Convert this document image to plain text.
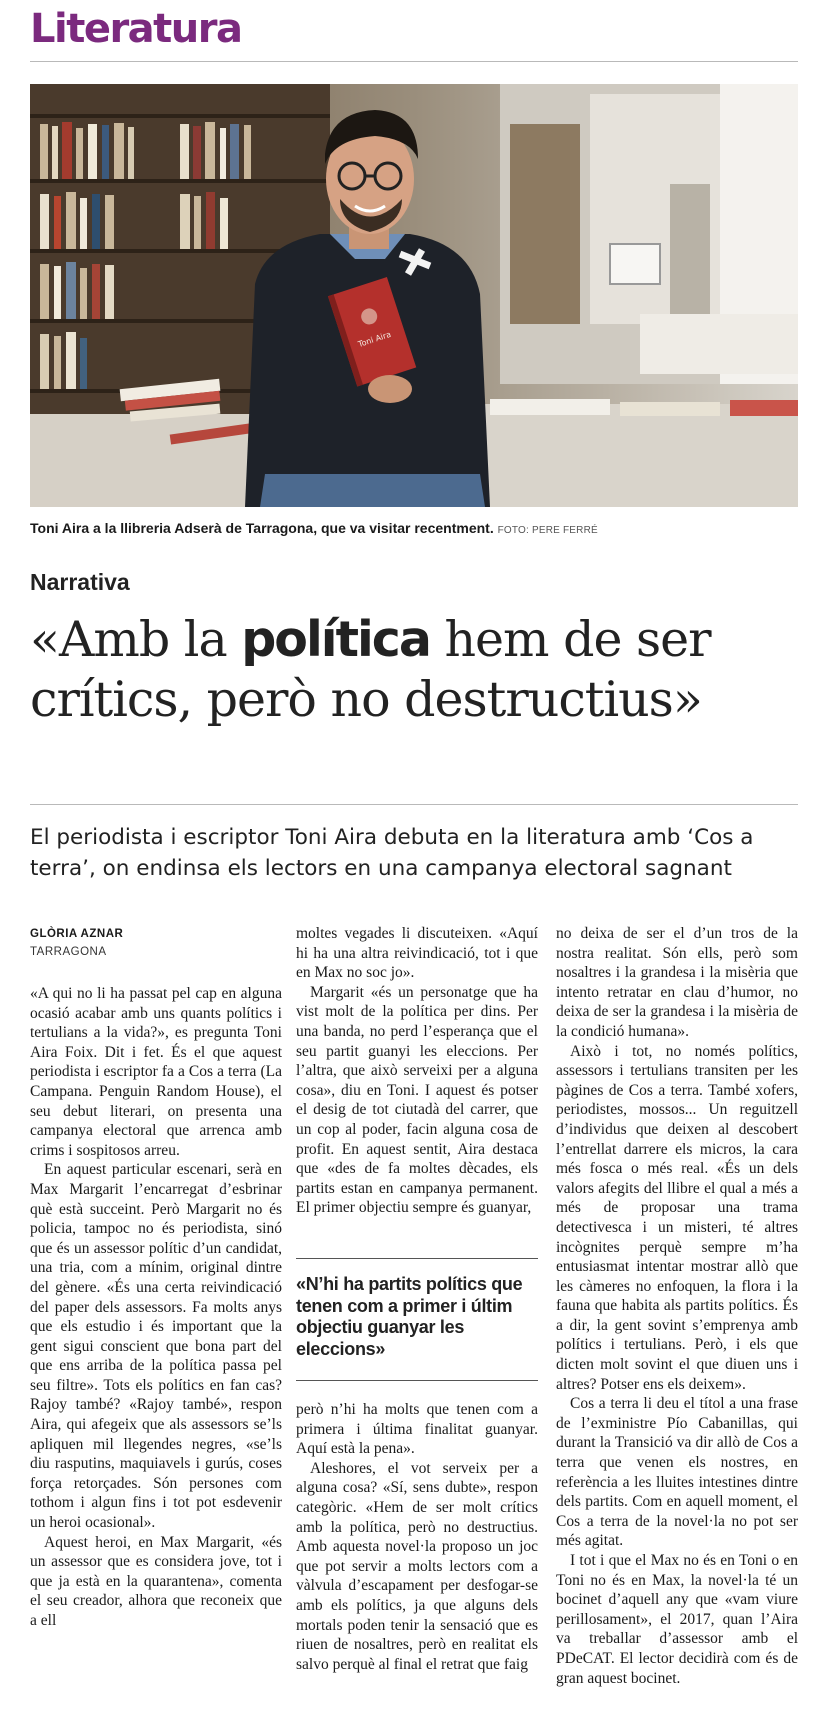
Literatura
Toni Aira
Toni Aira a la llibreria Adserà de Tarragona, que va visitar recentment. FOTO: PERE FERRÉ
Narrativa
«Amb la política hem de ser crítics, però no destructius»
El periodista i escriptor Toni Aira debuta en la literatura amb ‘Cos a terra’, on endinsa els lectors en una campanya electoral sagnant
GLÒRIA AZNAR
TARRAGONA

«A qui no li ha passat pel cap en alguna ocasió acabar amb uns quants polítics i tertulians a la vida?», es pregunta Toni Aira Foix. Dit i fet. És el que aquest periodista i escriptor fa a Cos a terra (La Campana. Penguin Random House), el seu debut literari, on presenta una campanya electoral que arrenca amb crims i sospitosos arreu.

En aquest particular escenari, serà en Max Margarit l’encarregat d’esbrinar què està succeint. Però Margarit no és policia, tampoc no és periodista, sinó que és un assessor polític d’un candidat, una tria, com a mínim, original dintre del gènere. «És una certa reivindicació del paper dels assessors. Fa molts anys que els estudio i és important que la gent sigui conscient que bona part del que ens arriba de la política passa pel seu filtre». Tots els polítics en fan cas? Rajoy també? «Rajoy també», respon Aira, qui afegeix que als assessors se’ls apliquen mil llegendes negres, «se’ls diu rasputins, maquiavels i gurús, coses força retorçades. Són persones com tothom i algun fins i tot pot esdevenir un heroi ocasional».

Aquest heroi, en Max Margarit, «és un assessor que es considera jove, tot i que ja està en la quarantena», comenta el seu creador, alhora que reconeix que a ell

moltes vegades li discuteixen. «Aquí hi ha una altra reivindicació, tot i que en Max no soc jo».

Margarit «és un personatge que ha vist molt de la política per dins. Per una banda, no perd l’esperança que el seu partit guanyi les eleccions. Per l’altra, que això serveixi per a alguna cosa», diu en Toni. I aquest és potser el desig de tot ciutadà del carrer, que un cop al poder, facin alguna cosa de profit. En aquest sentit, Aira destaca que «des de fa moltes dècades, els partits estan en campanya permanent. El primer objectiu sempre és guanyar,

«N’hi ha partits polítics que tenen com a primer i últim objectiu guanyar les eleccions»

però n’hi ha molts que tenen com a primera i última finalitat guanyar. Aquí està la pena».

Aleshores, el vot serveix per a alguna cosa? «Sí, sens dubte», respon categòric. «Hem de ser molt crítics amb la política, però no destructius. Amb aquesta novel·la proposo un joc que pot servir a molts lectors com a vàlvula d’escapament per desfogar-se amb els polítics, ja que alguns dels mortals poden tenir la sensació que es riuen de nosaltres, però en realitat els salvo perquè al final el retrat que faig

no deixa de ser el d’un tros de la nostra realitat. Són ells, però som nosaltres i la grandesa i la misèria que intento retratar en clau d’humor, no deixa de ser la grandesa i la misèria de la condició humana».

Això i tot, no només polítics, assessors i tertulians transiten per les pàgines de Cos a terra. També xofers, periodistes, mossos... Un reguitzell d’individus que deixen al descobert l’entrellat darrere els micros, la cara més fosca o més real. «És un dels valors afegits del llibre el qual a més a més de proposar una trama detectivesca i un misteri, té altres incògnites perquè sempre m’ha entusiasmat intentar mostrar allò que les càmeres no enfoquen, la flora i la fauna que habita als partits polítics. És a dir, la gent sovint s’emprenya amb polítics i tertulians. Però, i els que dicten molt sovint el que diuen uns i altres? Potser ens els deixem».

Cos a terra li deu el títol a una frase de l’exministre Pío Cabanillas, qui durant la Transició va dir allò de Cos a terra que venen els nostres, en referència a les lluites intestines dintre dels partits. Com en aquell moment, el Cos a terra de la novel·la no pot ser més agitat.

I tot i que el Max no és en Toni o en Toni no és en Max, la novel·la té un bocinet d’aquell any que «vam viure perillosament», el 2017, quan l’Aira va treballar d’assessor amb el PDeCAT. El lector decidirà com és de gran aquest bocinet.
